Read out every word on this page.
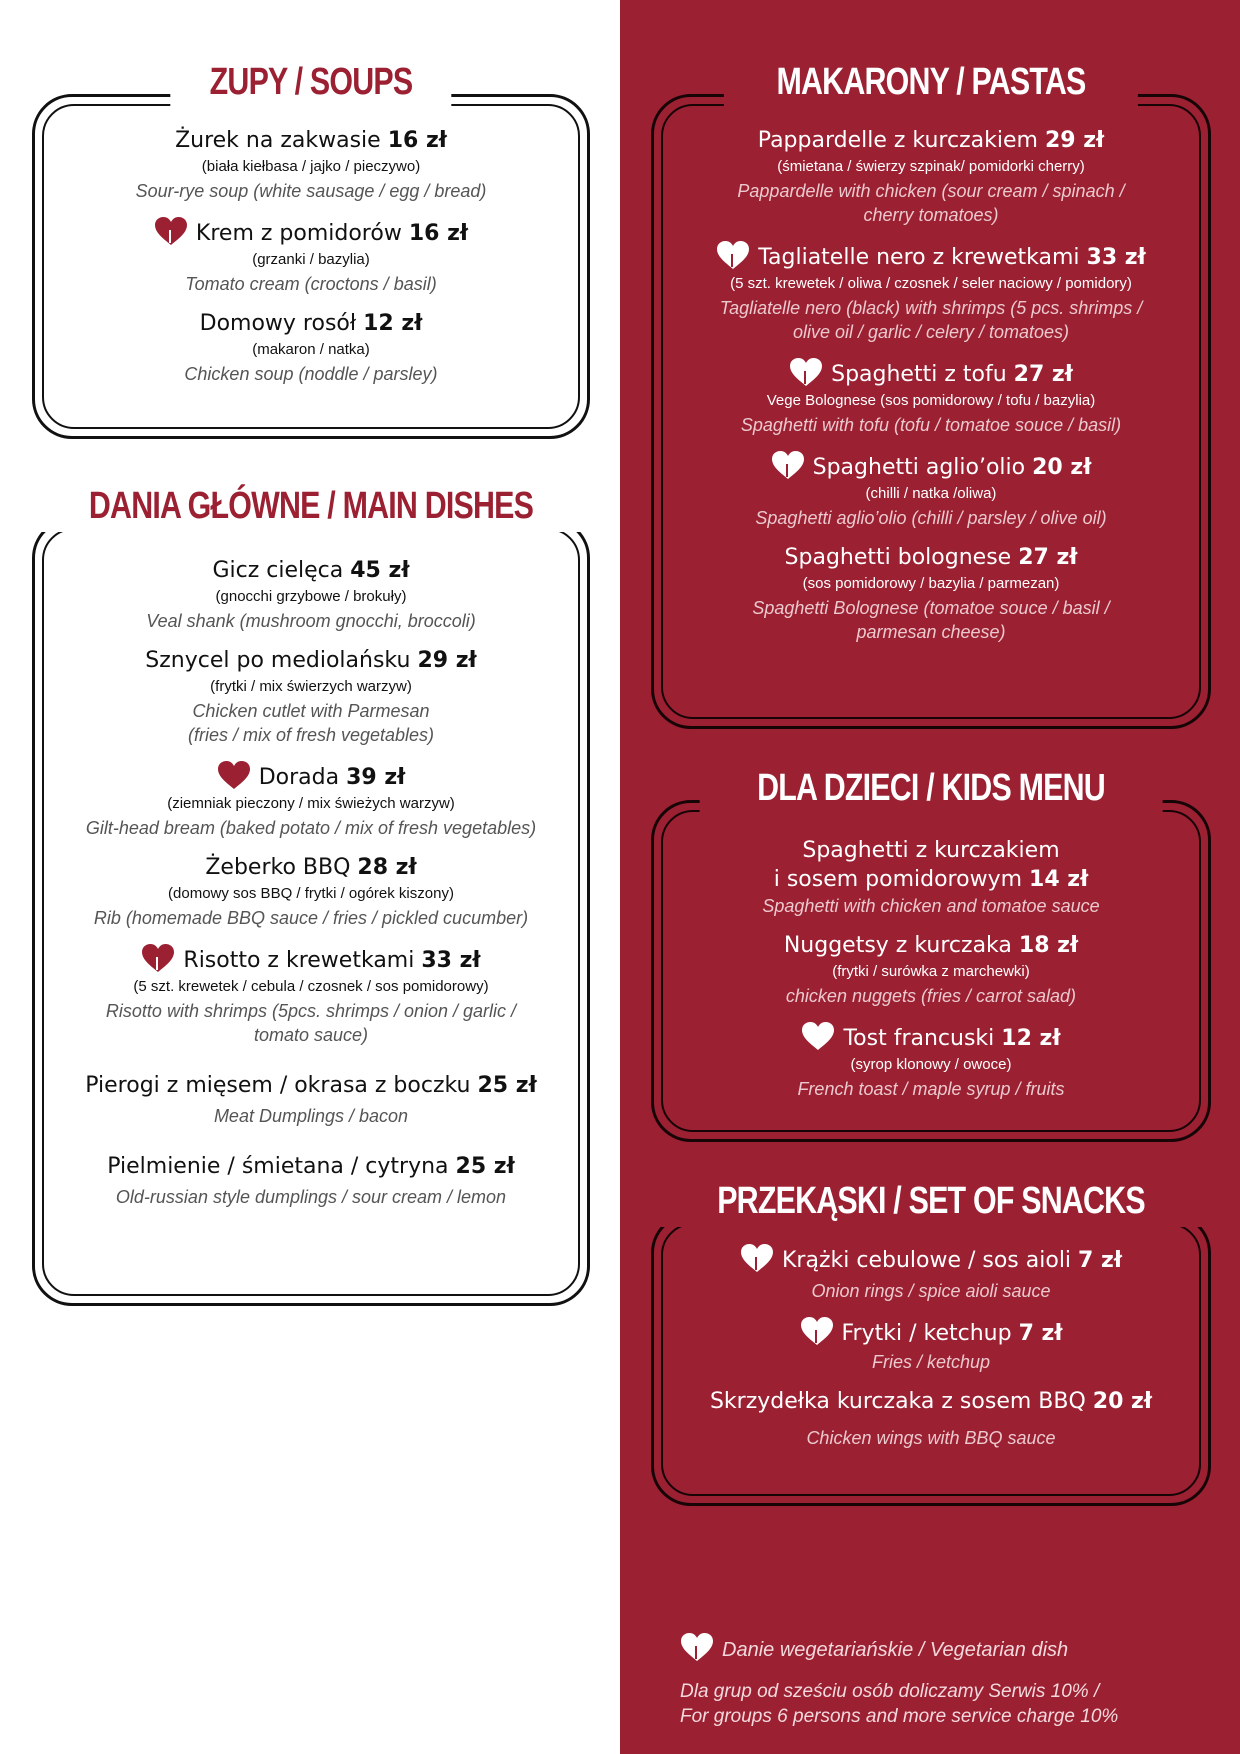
ZUPY / SOUPS
Żurek na zakwasie 16 zł
(biała kiełbasa / jajko / pieczywo)
Sour-rye soup (white sausage / egg / bread)
Krem z pomidorów 16 zł
(grzanki / bazylia)
Tomato cream (croctons / basil)
Domowy rosół 12 zł
(makaron / natka)
Chicken soup (noddle / parsley)
DANIA GŁÓWNE / MAIN DISHES
Gicz cielęca 45 zł
(gnocchi grzybowe / brokuły)
Veal shank (mushroom gnocchi, broccoli)
Sznycel po mediolańsku 29 zł
(frytki / mix świerzych warzyw)
Chicken cutlet with Parmesan
(fries / mix of fresh vegetables)
Dorada 39 zł
(ziemniak pieczony / mix świeżych warzyw)
Gilt-head bream (baked potato / mix of fresh vegetables)
Żeberko BBQ 28 zł
(domowy sos BBQ / frytki / ogórek kiszony)
Rib (homemade BBQ sauce / fries / pickled cucumber)
Risotto z krewetkami 33 zł
(5 szt. krewetek / cebula / czosnek / sos pomidorowy)
Risotto with shrimps (5pcs. shrimps / onion / garlic /
tomato sauce)
Pierogi z mięsem / okrasa z boczku 25 zł
Meat Dumplings / bacon
Pielmienie / śmietana / cytryna 25 zł
Old-russian style dumplings / sour cream / lemon
MAKARONY / PASTAS
Pappardelle z kurczakiem 29 zł
(śmietana / świerzy szpinak/ pomidorki cherry)
Pappardelle with chicken (sour cream / spinach /
cherry tomatoes)
Tagliatelle nero z krewetkami 33 zł
(5 szt. krewetek / oliwa / czosnek / seler naciowy / pomidory)
Tagliatelle nero (black) with shrimps (5 pcs. shrimps /
olive oil / garlic / celery / tomatoes)
Spaghetti z tofu 27 zł
Vege Bolognese (sos pomidorowy / tofu / bazylia)
Spaghetti with tofu (tofu / tomatoe souce / basil)
Spaghetti aglio’olio 20 zł
(chilli / natka /oliwa)
Spaghetti aglio’olio (chilli / parsley / olive oil)
Spaghetti bolognese 27 zł
(sos pomidorowy / bazylia / parmezan)
Spaghetti Bolognese (tomatoe souce / basil /
parmesan cheese)
DLA DZIECI / KIDS MENU
Spaghetti z kurczakiem
i sosem pomidorowym 14 zł
Spaghetti with chicken and tomatoe sauce
Nuggetsy z kurczaka 18 zł
(frytki / surówka z marchewki)
chicken nuggets (fries / carrot salad)
Tost francuski 12 zł
(syrop klonowy / owoce)
French toast / maple syrup / fruits
PRZEKĄSKI / SET OF SNACKS
Krążki cebulowe / sos aioli 7 zł
Onion rings / spice aioli sauce
Frytki / ketchup 7 zł
Fries / ketchup
Skrzydełka kurczaka z sosem BBQ 20 zł
Chicken wings with BBQ sauce
Danie wegetariańskie / Vegetarian dish
Dla grup od sześciu osób doliczamy Serwis 10% /
For groups 6 persons and more service charge 10%
